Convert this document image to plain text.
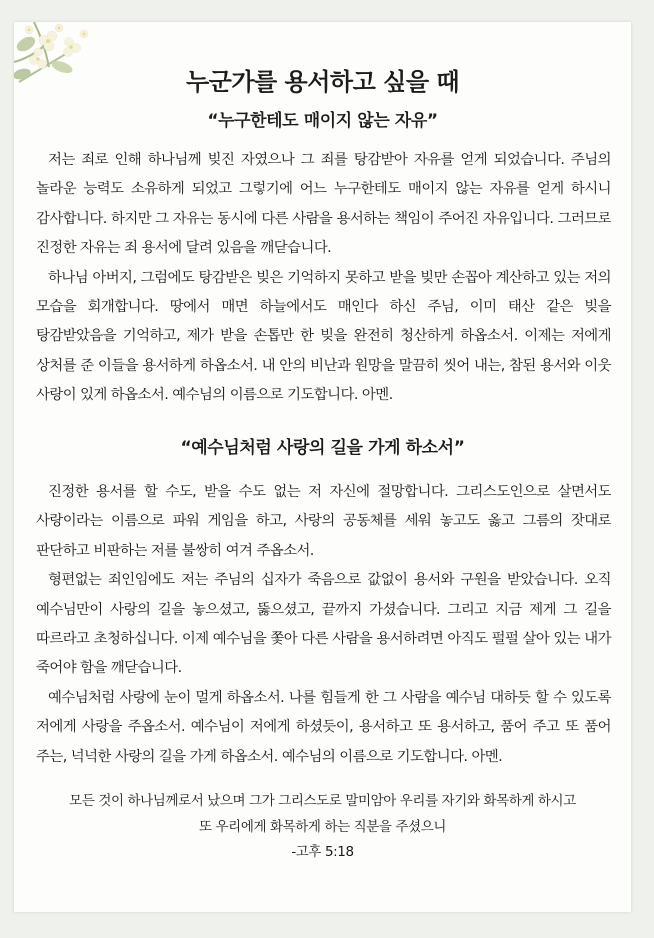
누군가를 용서하고 싶을 때
“누구한테도 매이지 않는 자유”

저는 죄로 인해 하나님께 빚진 자였으나 그 죄를 탕감받아 자유를 얻게 되었습니다. 주님의 놀라운 능력도 소유하게 되었고 그렇기에 어느 누구한테도 매이지 않는 자유를 얻게 하시니 감사합니다. 하지만 그 자유는 동시에 다른 사람을 용서하는 책임이 주어진 자유입니다. 그러므로 진정한 자유는 죄 용서에 달려 있음을 깨닫습니다.

하나님 아버지, 그럼에도 탕감받은 빚은 기억하지 못하고 받을 빚만 손꼽아 계산하고 있는 저의 모습을 회개합니다. 땅에서 매면 하늘에서도 매인다 하신 주님, 이미 태산 같은 빚을 탕감받았음을 기억하고, 제가 받을 손톱만 한 빚을 완전히 청산하게 하옵소서. 이제는 저에게 상처를 준 이들을 용서하게 하옵소서. 내 안의 비난과 원망을 말끔히 씻어 내는, 참된 용서와 이웃 사랑이 있게 하옵소서. 예수님의 이름으로 기도합니다. 아멘.

“예수님처럼 사랑의 길을 가게 하소서”

진정한 용서를 할 수도, 받을 수도 없는 저 자신에 절망합니다. 그리스도인으로 살면서도 사랑이라는 이름으로 파워 게임을 하고, 사랑의 공동체를 세워 놓고도 옳고 그름의 잣대로 판단하고 비판하는 저를 불쌍히 여겨 주옵소서.

형편없는 죄인임에도 저는 주님의 십자가 죽음으로 값없이 용서와 구원을 받았습니다. 오직 예수님만이 사랑의 길을 놓으셨고, 뚫으셨고, 끝까지 가셨습니다. 그리고 지금 제게 그 길을 따르라고 초청하십니다. 이제 예수님을 쫓아 다른 사람을 용서하려면 아직도 펄펄 살아 있는 내가 죽어야 함을 깨닫습니다.

예수님처럼 사랑에 눈이 멀게 하옵소서. 나를 힘들게 한 그 사람을 예수님 대하듯 할 수 있도록 저에게 사랑을 주옵소서. 예수님이 저에게 하셨듯이, 용서하고 또 용서하고, 품어 주고 또 품어 주는, 넉넉한 사랑의 길을 가게 하옵소서. 예수님의 이름으로 기도합니다. 아멘.

모든 것이 하나님께로서 났으며 그가 그리스도로 말미암아 우리를 자기와 화목하게 하시고
또 우리에게 화목하게 하는 직분을 주셨으니
-고후 5:18
